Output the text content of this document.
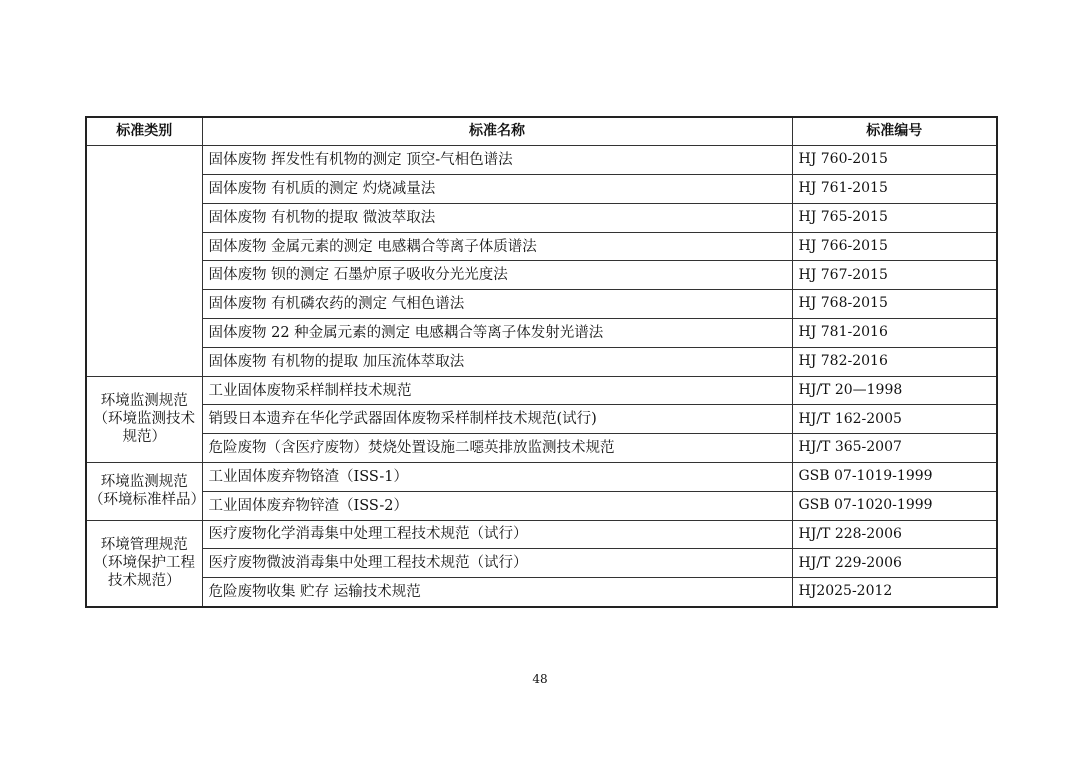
标准类别	标准名称	标准编号
	固体废物 挥发性有机物的测定 顶空-气相色谱法	HJ 760-2015
	固体废物 有机质的测定 灼烧减量法	HJ 761-2015
	固体废物 有机物的提取 微波萃取法	HJ 765-2015
	固体废物 金属元素的测定 电感耦合等离子体质谱法	HJ 766-2015
	固体废物 钡的测定 石墨炉原子吸收分光光度法	HJ 767-2015
	固体废物 有机磷农药的测定 气相色谱法	HJ 768-2015
	固体废物 22 种金属元素的测定 电感耦合等离子体发射光谱法	HJ 781-2016
	固体废物 有机物的提取 加压流体萃取法	HJ 782-2016
环境监测规范（环境监测技术规范）	工业固体废物采样制样技术规范	HJ/T 20—1998
	销毁日本遗弃在华化学武器固体废物采样制样技术规范(试行)	HJ/T 162-2005
	危险废物（含医疗废物）焚烧处置设施二噁英排放监测技术规范	HJ/T 365-2007
环境监测规范（环境标准样品）	工业固体废弃物铬渣（ISS-1）	GSB 07-1019-1999
	工业固体废弃物锌渣（ISS-2）	GSB 07-1020-1999
环境管理规范（环境保护工程技术规范）	医疗废物化学消毒集中处理工程技术规范（试行）	HJ/T 228-2006
	医疗废物微波消毒集中处理工程技术规范（试行）	HJ/T 229-2006
	危险废物收集 贮存 运输技术规范	HJ2025-2012
48
